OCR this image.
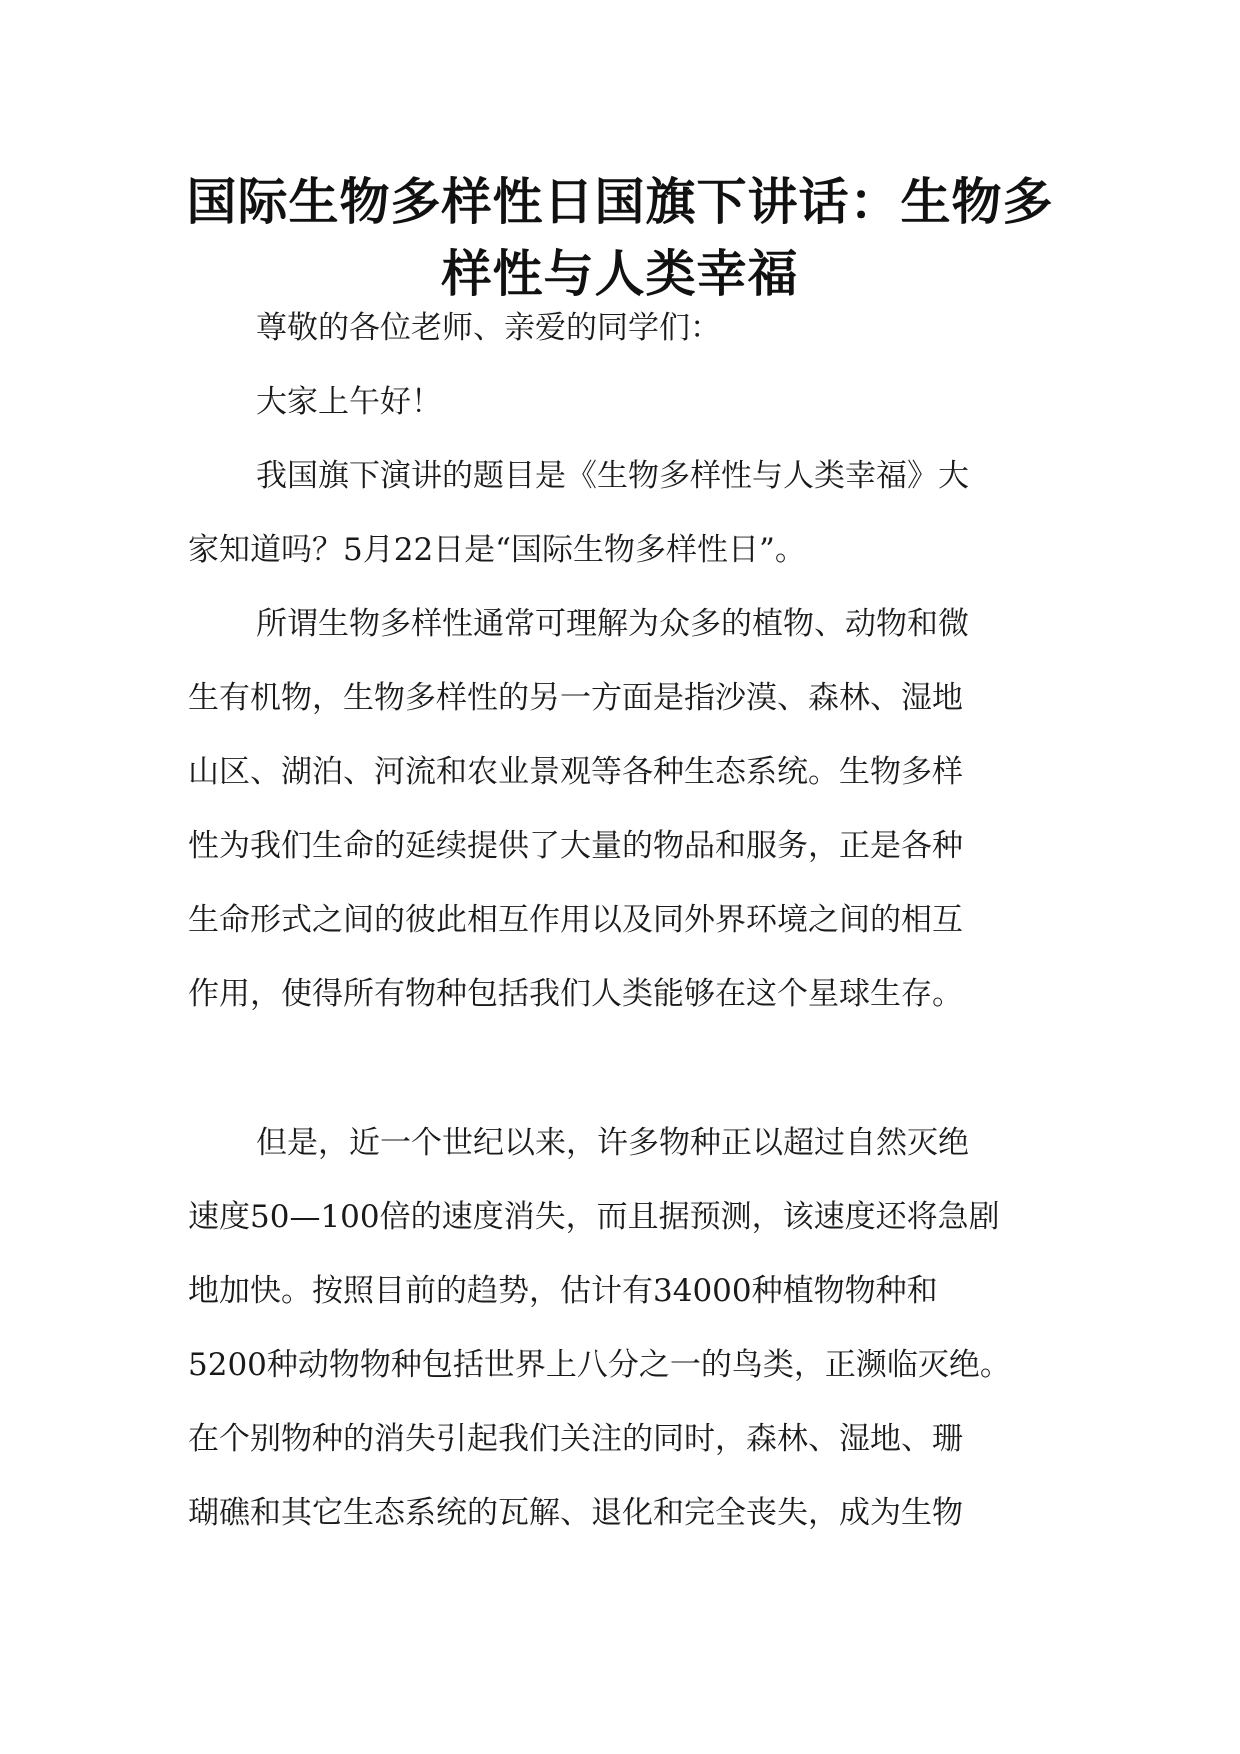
国际生物多样性日国旗下讲话：生物多
样性与人类幸福

尊敬的各位老师、亲爱的同学们：

大家上午好！

我国旗下演讲的题目是《生物多样性与人类幸福》大
家知道吗？5月22日是“国际生物多样性日”。

所谓生物多样性通常可理解为众多的植物、动物和微
生有机物，生物多样性的另一方面是指沙漠、森林、湿地
山区、湖泊、河流和农业景观等各种生态系统。生物多样
性为我们生命的延续提供了大量的物品和服务，正是各种
生命形式之间的彼此相互作用以及同外界环境之间的相互
作用，使得所有物种包括我们人类能够在这个星球生存。

但是，近一个世纪以来，许多物种正以超过自然灭绝
速度50—100倍的速度消失，而且据预测，该速度还将急剧
地加快。按照目前的趋势，估计有34000种植物物种和
5200种动物物种包括世界上八分之一的鸟类，正濒临灭绝。
在个别物种的消失引起我们关注的同时，森林、湿地、珊
瑚礁和其它生态系统的瓦解、退化和完全丧失，成为生物
